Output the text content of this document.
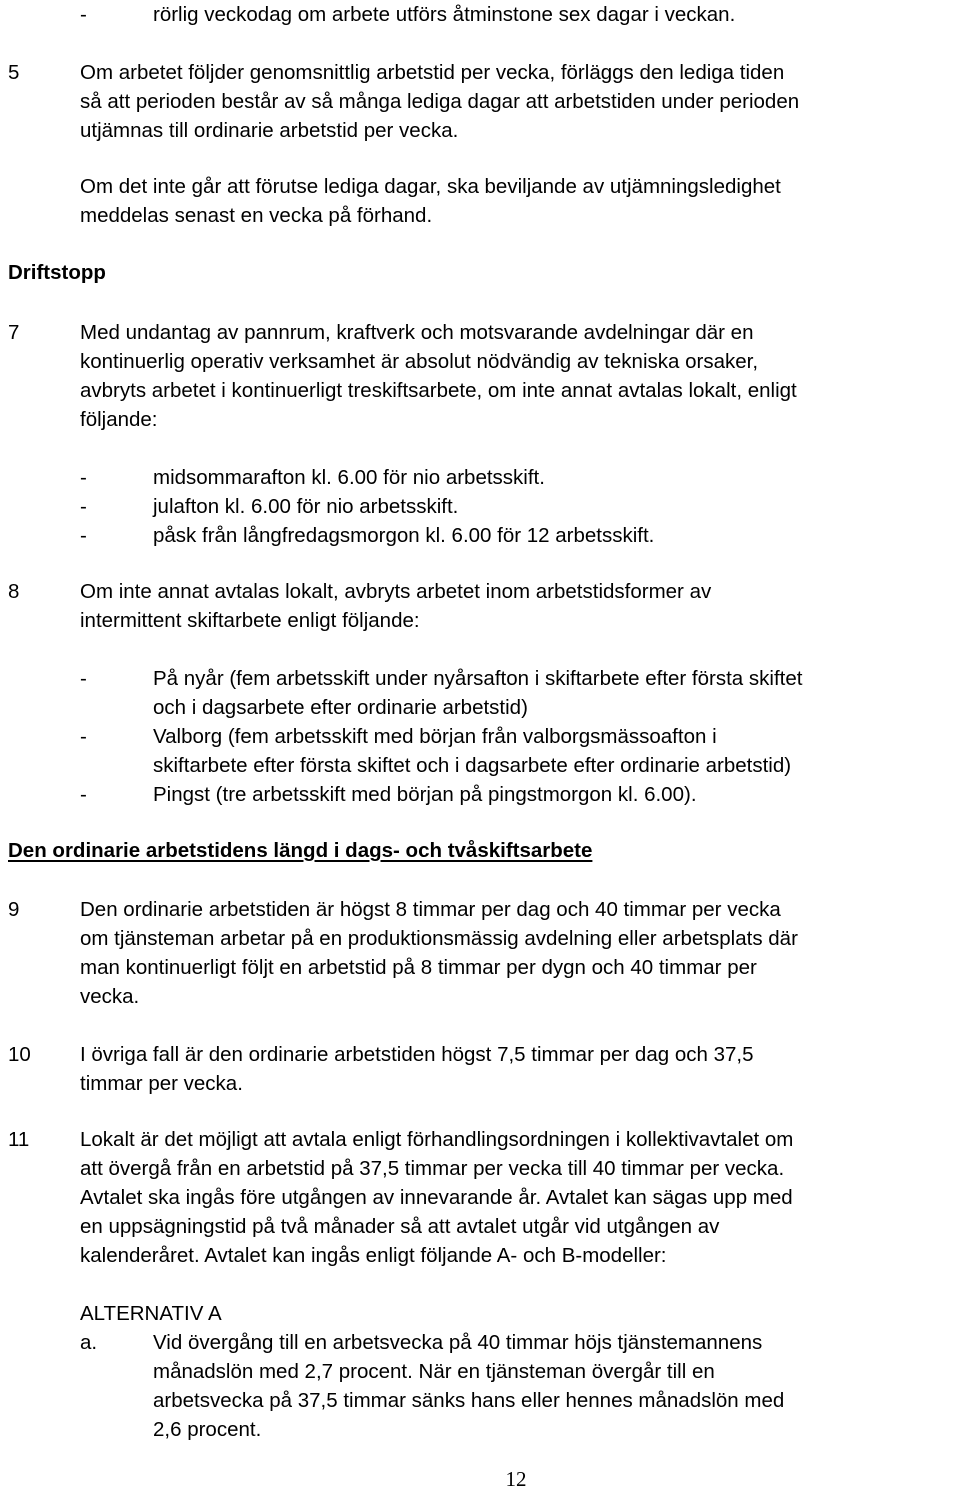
-	rörlig veckodag om arbete utförs åtminstone sex dagar i veckan.

5	Om arbetet följder genomsnittlig arbetstid per vecka, förläggs den lediga tiden

så att perioden består av så många lediga dagar att arbetstiden under perioden

utjämnas till ordinarie arbetstid per vecka.

Om det inte går att förutse lediga dagar, ska beviljande av utjämningsledighet

meddelas senast en vecka på förhand.

Driftstopp

7	Med undantag av pannrum, kraftverk och motsvarande avdelningar där en

kontinuerlig operativ verksamhet är absolut nödvändig av tekniska orsaker,

avbryts arbetet i kontinuerligt treskiftsarbete, om inte annat avtalas lokalt, enligt

följande:

-	midsommarafton kl. 6.00 för nio arbetsskift.

-	julafton kl. 6.00 för nio arbetsskift.

-	påsk från långfredagsmorgon kl. 6.00 för 12 arbetsskift.

8	Om inte annat avtalas lokalt, avbryts arbetet inom arbetstidsformer av

intermittent skiftarbete enligt följande:

-	På nyår (fem arbetsskift under nyårsafton i skiftarbete efter första skiftet

och i dagsarbete efter ordinarie arbetstid)

-	Valborg (fem arbetsskift med början från valborgsmässoafton i

skiftarbete efter första skiftet och i dagsarbete efter ordinarie arbetstid)

-	Pingst (tre arbetsskift med början på pingstmorgon kl. 6.00).

Den ordinarie arbetstidens längd i dags- och tvåskiftsarbete

9	Den ordinarie arbetstiden är högst 8 timmar per dag och 40 timmar per vecka

om tjänsteman arbetar på en produktionsmässig avdelning eller arbetsplats där

man kontinuerligt följt en arbetstid på 8 timmar per dygn och 40 timmar per

vecka.

10 I övriga fall är den ordinarie arbetstiden högst 7,5 timmar per dag och 37,5

timmar per vecka.

11 Lokalt är det möjligt att avtala enligt förhandlingsordningen i kollektivavtalet om

att övergå från en arbetstid på 37,5 timmar per vecka till 40 timmar per vecka.

Avtalet ska ingås före utgången av innevarande år. Avtalet kan sägas upp med

en uppsägningstid på två månader så att avtalet utgår vid utgången av

kalenderåret. Avtalet kan ingås enligt följande A- och B-modeller:

ALTERNATIV A

a.	Vid övergång till en arbetsvecka på 40 timmar höjs tjänstemannens

månadslön med 2,7 procent. När en tjänsteman övergår till en

arbetsvecka på 37,5 timmar sänks hans eller hennes månadslön med

2,6 procent.

12
